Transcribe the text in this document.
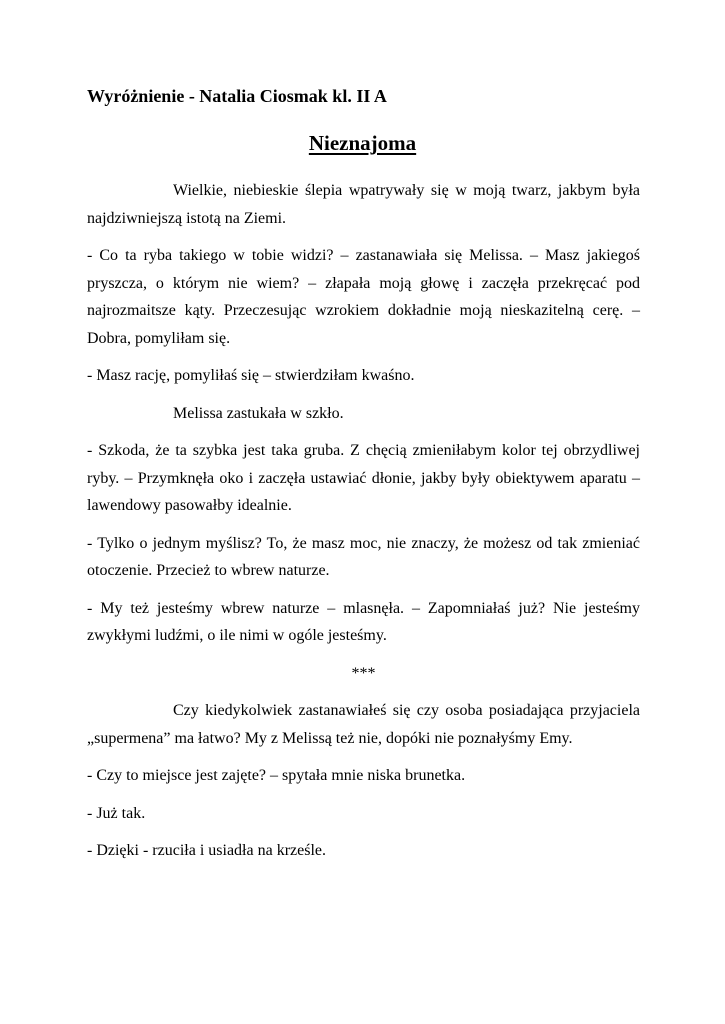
Wyróżnienie - Natalia Ciosmak kl. II A
Nieznajoma

Wielkie, niebieskie ślepia wpatrywały się w moją twarz, jakbym była najdziwniejszą istotą na Ziemi.

- Co ta ryba takiego w tobie widzi? – zastanawiała się Melissa. – Masz jakiegoś pryszcza, o którym nie wiem? – złapała moją głowę i zaczęła przekręcać pod najrozmaitsze kąty. Przeczesując wzrokiem dokładnie moją nieskazitelną cerę. – Dobra, pomyliłam się.

- Masz rację, pomyliłaś się – stwierdziłam kwaśno.

Melissa zastukała w szkło.

- Szkoda, że ta szybka jest taka gruba. Z chęcią zmieniłabym kolor tej obrzydliwej ryby. – Przymknęła oko i zaczęła ustawiać dłonie, jakby były obiektywem aparatu – lawendowy pasowałby idealnie.

- Tylko o jednym myślisz? To, że masz moc, nie znaczy, że możesz od tak zmieniać otoczenie. Przecież to wbrew naturze.

- My też jesteśmy wbrew naturze – mlasnęła. – Zapomniałaś już? Nie jesteśmy zwykłymi ludźmi, o ile nimi w ogóle jesteśmy.

***

Czy kiedykolwiek zastanawiałeś się czy osoba posiadająca przyjaciela „supermena” ma łatwo? My z Melissą też nie, dopóki nie poznałyśmy Emy.

- Czy to miejsce jest zajęte? – spytała mnie niska brunetka.

- Już tak.

- Dzięki - rzuciła i usiadła na krześle.
